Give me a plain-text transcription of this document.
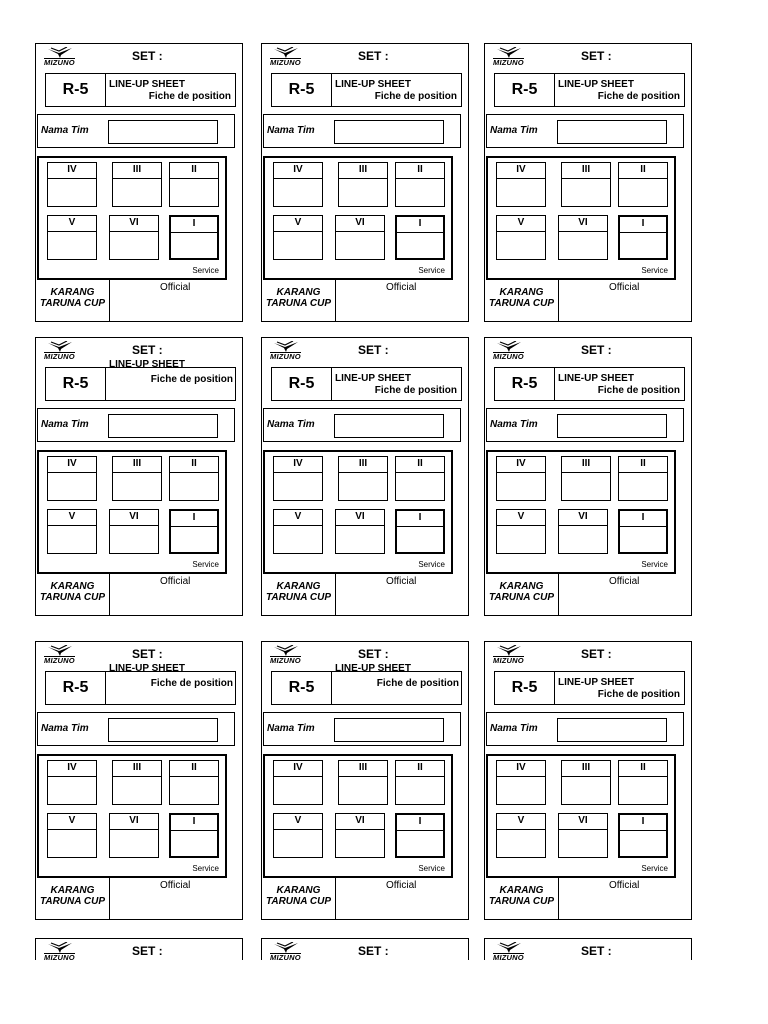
MIZUNO	SET :
R-5	LINE-UP SHEET
Fiche de position
Nama Tim
IV	III	II
V	VI	I
Service
KARANG
TARUNA CUP
Official
MIZUNO	SET :
R-5	LINE-UP SHEET
Fiche de position
Nama Tim
IV	III	II
V	VI	I
Service
KARANG
TARUNA CUP
Official
MIZUNO	SET :
R-5	LINE-UP SHEET
Fiche de position
Nama Tim
IV	III	II
V	VI	I
Service
KARANG
TARUNA CUP
Official
MIZUNO	SET :
R-5
LINE-UP SHEET
Fiche de position
Nama Tim
IV	III	II
V	VI	I
Service
KARANG
TARUNA CUP
Official
MIZUNO	SET :
R-5	LINE-UP SHEET
Fiche de position
Nama Tim
IV	III	II
V	VI	I
Service
KARANG
TARUNA CUP
Official
MIZUNO	SET :
R-5	LINE-UP SHEET
Fiche de position
Nama Tim
IV	III	II
V	VI	I
Service
KARANG
TARUNA CUP
Official
MIZUNO	SET :
R-5
LINE-UP SHEET
Fiche de position
Nama Tim
IV	III	II
V	VI	I
Service
KARANG
TARUNA CUP
Official
MIZUNO	SET :
R-5
LINE-UP SHEET
Fiche de position
Nama Tim
IV	III	II
V	VI	I
Service
KARANG
TARUNA CUP
Official
MIZUNO	SET :
R-5	LINE-UP SHEET
Fiche de position
Nama Tim
IV	III	II
V	VI	I
Service
KARANG
TARUNA CUP
Official
MIZUNO	SET :	MIZUNO	SET :	MIZUNO	SET :
